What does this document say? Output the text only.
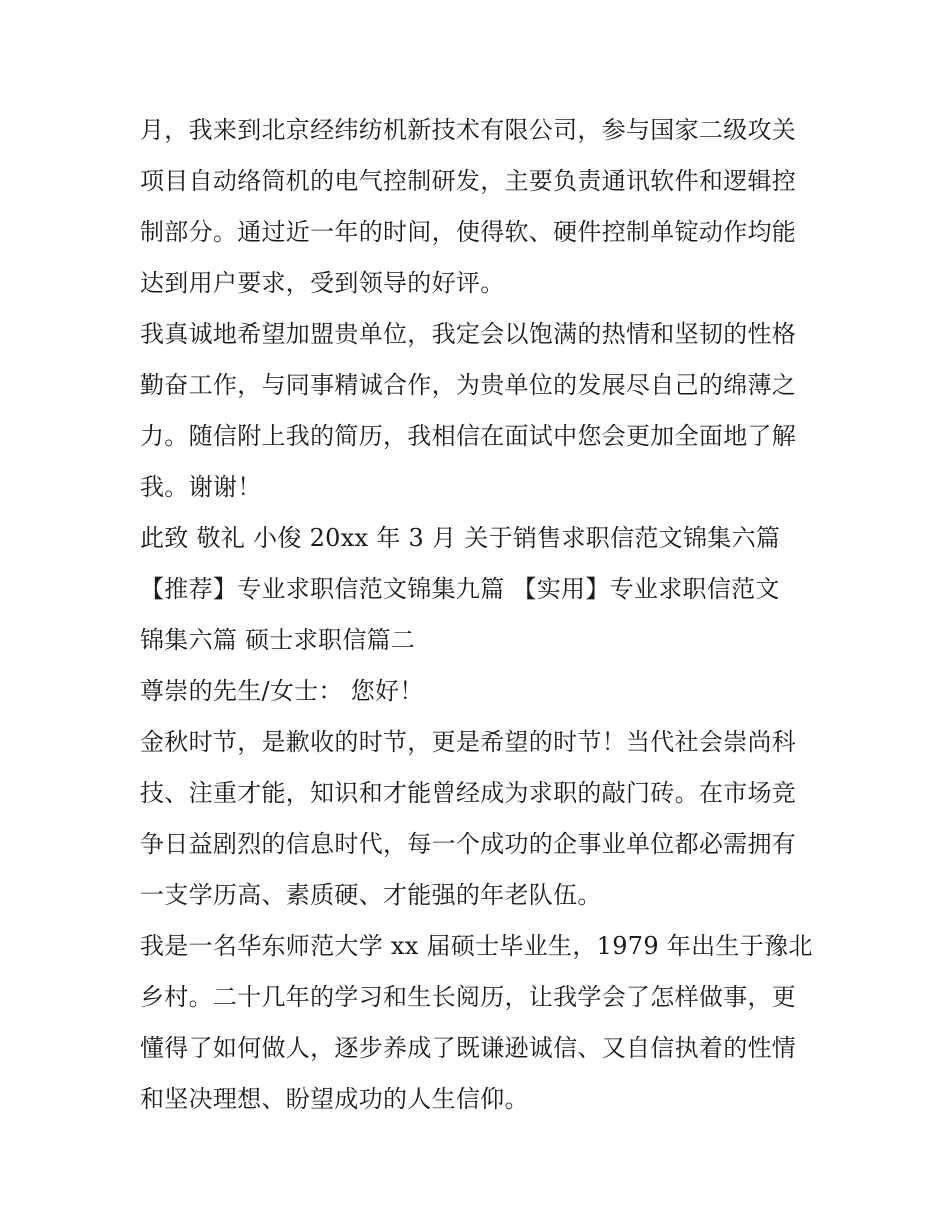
月，我来到北京经纬纺机新技术有限公司，参与国家二级攻关
项目自动络筒机的电气控制研发，主要负责通讯软件和逻辑控
制部分。通过近一年的时间，使得软、硬件控制单锭动作均能
达到用户要求，受到领导的好评。
我真诚地希望加盟贵单位，我定会以饱满的热情和坚韧的性格
勤奋工作，与同事精诚合作，为贵单位的发展尽自己的绵薄之
力。随信附上我的简历，我相信在面试中您会更加全面地了解
我。谢谢！
此致 敬礼 小俊 20xx 年 3 月 关于销售求职信范文锦集六篇
【推荐】专业求职信范文锦集九篇 【实用】专业求职信范文
锦集六篇 硕士求职信篇二
尊崇的先生/女士： 您好！
金秋时节，是歉收的时节，更是希望的时节！当代社会崇尚科
技、注重才能，知识和才能曾经成为求职的敲门砖。在市场竞
争日益剧烈的信息时代，每一个成功的企事业单位都必需拥有
一支学历高、素质硬、才能强的年老队伍。
我是一名华东师范大学 xx 届硕士毕业生，1979 年出生于豫北
乡村。二十几年的学习和生长阅历，让我学会了怎样做事，更
懂得了如何做人，逐步养成了既谦逊诚信、又自信执着的性情
和坚决理想、盼望成功的人生信仰。
